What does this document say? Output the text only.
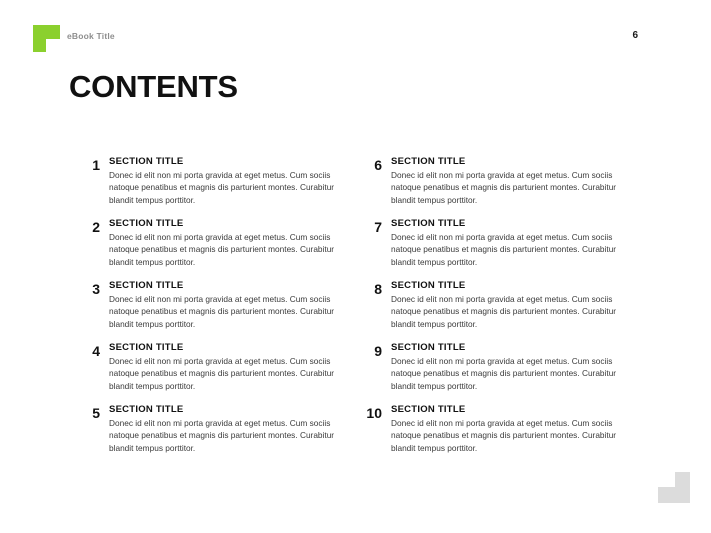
eBook Title	6
CONTENTS
1 SECTION TITLE
Donec id elit non mi porta gravida at eget metus. Cum sociis natoque penatibus et magnis dis parturient montes. Curabitur blandit tempus porttitor.
2 SECTION TITLE
Donec id elit non mi porta gravida at eget metus. Cum sociis natoque penatibus et magnis dis parturient montes. Curabitur blandit tempus porttitor.
3 SECTION TITLE
Donec id elit non mi porta gravida at eget metus. Cum sociis natoque penatibus et magnis dis parturient montes. Curabitur blandit tempus porttitor.
4 SECTION TITLE
Donec id elit non mi porta gravida at eget metus. Cum sociis natoque penatibus et magnis dis parturient montes. Curabitur blandit tempus porttitor.
5 SECTION TITLE
Donec id elit non mi porta gravida at eget metus. Cum sociis natoque penatibus et magnis dis parturient montes. Curabitur blandit tempus porttitor.
6 SECTION TITLE
Donec id elit non mi porta gravida at eget metus. Cum sociis natoque penatibus et magnis dis parturient montes. Curabitur blandit tempus porttitor.
7 SECTION TITLE
Donec id elit non mi porta gravida at eget metus. Cum sociis natoque penatibus et magnis dis parturient montes. Curabitur blandit tempus porttitor.
8 SECTION TITLE
Donec id elit non mi porta gravida at eget metus. Cum sociis natoque penatibus et magnis dis parturient montes. Curabitur blandit tempus porttitor.
9 SECTION TITLE
Donec id elit non mi porta gravida at eget metus. Cum sociis natoque penatibus et magnis dis parturient montes. Curabitur blandit tempus porttitor.
10 SECTION TITLE
Donec id elit non mi porta gravida at eget metus. Cum sociis natoque penatibus et magnis dis parturient montes. Curabitur blandit tempus porttitor.
